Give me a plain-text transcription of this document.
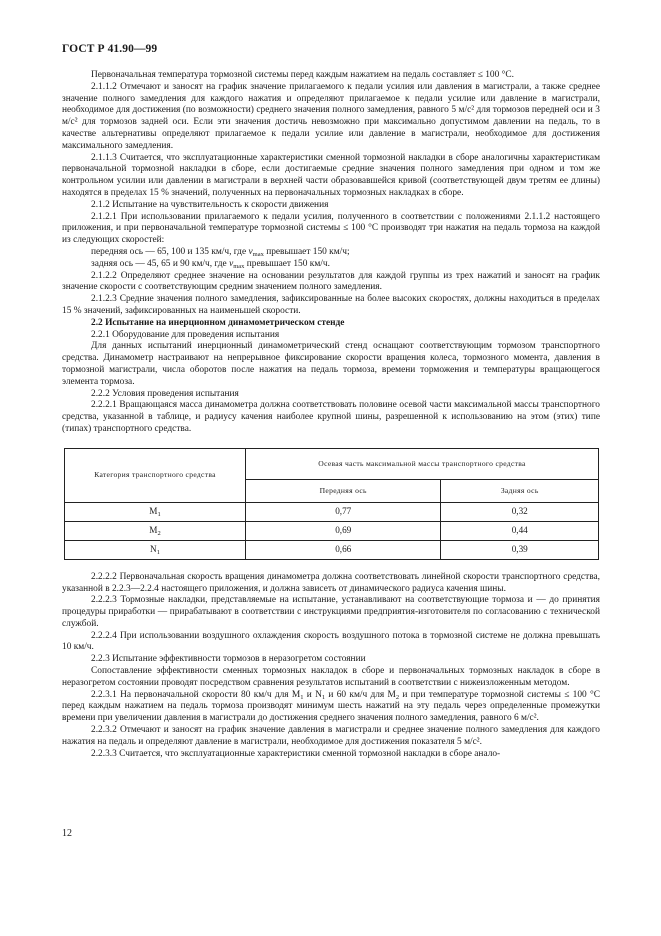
ГОСТ Р 41.90—99

Первоначальная температура тормозной системы перед каждым нажатием на педаль составляет ≤ 100 °С.

2.1.1.2 Отмечают и заносят на график значение прилагаемого к педали усилия или давления в магистрали, а также среднее значение полного замедления для каждого нажатия и определяют прилагаемое к педали усилие или давление в магистрали, необходимое для достижения (по возможности) среднего значения полного замедления, равного 5 м/с² для тормозов передней оси и 3 м/с² для тормозов задней оси. Если эти значения достичь невозможно при максимально допустимом давлении на педаль, то в качестве альтернативы определяют прилагаемое к педали усилие или давление в магистрали, необходимое для достижения максимального замедления.

2.1.1.3 Считается, что эксплуатационные характеристики сменной тормозной накладки в сборе аналогичны характеристикам первоначальной тормозной накладки в сборе, если достигаемые средние значения полного замедления при одном и том же контрольном усилии или давлении в магистрали в верхней части образовавшейся кривой (соответствующей двум третям ее длины) находятся в пределах 15 % значений, полученных на первоначальных тормозных накладках в сборе.

2.1.2 Испытание на чувствительность к скорости движения

2.1.2.1 При использовании прилагаемого к педали усилия, полученного в соответствии с положениями 2.1.1.2 настоящего приложения, и при первоначальной температуре тормозной системы ≤ 100 °С производят три нажатия на педаль тормоза на каждой из следующих скоростей:

передняя ось — 65, 100 и 135 км/ч, где $v_{max}$ превышает 150 км/ч;

задняя ось — 45, 65 и 90 км/ч, где $v_{max}$ превышает 150 км/ч.

2.1.2.2 Определяют среднее значение на основании результатов для каждой группы из трех нажатий и заносят на график значение скорости с соответствующим средним значением полного замедления.

2.1.2.3 Средние значения полного замедления, зафиксированные на более высоких скоростях, должны находиться в пределах 15 % значений, зафиксированных на наименьшей скорости.

2.2 Испытание на инерционном динамометрическом стенде

2.2.1 Оборудование для проведения испытания

Для данных испытаний инерционный динамометрический стенд оснащают соответствующим тормозом транспортного средства. Динамометр настраивают на непрерывное фиксирование скорости вращения колеса, тормозного момента, давления в тормозной магистрали, числа оборотов после нажатия на педаль тормоза, времени торможения и температуры вращающегося элемента тормоза.

2.2.2 Условия проведения испытания

2.2.2.1 Вращающаяся масса динамометра должна соответствовать половине осевой части максимальной массы транспортного средства, указанной в таблице, и радиусу качения наиболее крупной шины, разрешенной к использованию на этом (этих) типе (типах) транспортного средства.

Категория транспортного средства	Осевая часть максимальной массы транспортного средства	
	Передняя ось	Задняя ось
$M_1$	0,77	0,32
$M_2$	0,69	0,44
$N_1$	0,66	0,39

2.2.2.2 Первоначальная скорость вращения динамометра должна соответствовать линейной скорости транспортного средства, указанной в 2.2.3—2.2.4 настоящего приложения, и должна зависеть от динамического радиуса качения шины.

2.2.2.3 Тормозные накладки, представляемые на испытание, устанавливают на соответствующие тормоза и — до принятия процедуры приработки — прирабатывают в соответствии с инструкциями предприятия-изготовителя по согласованию с технической службой.

2.2.2.4 При использовании воздушного охлаждения скорость воздушного потока в тормозной системе не должна превышать 10 км/ч.

2.2.3 Испытание эффективности тормозов в неразогретом состоянии

Сопоставление эффективности сменных тормозных накладок в сборе и первоначальных тормозных накладок в сборе в неразогретом состоянии проводят посредством сравнения результатов испытаний в соответствии с нижеизложенным методом.

2.2.3.1 На первоначальной скорости 80 км/ч для $M_1$ и $N_1$ и 60 км/ч для $M_2$ и при температуре тормозной системы ≤ 100 °С перед каждым нажатием на педаль тормоза производят минимум шесть нажатий на эту педаль через определенные промежутки времени при увеличении давления в магистрали до достижения среднего значения полного замедления, равного 6 м/с².

2.2.3.2 Отмечают и заносят на график значение давления в магистрали и среднее значение полного замедления для каждого нажатия на педаль и определяют давление в магистрали, необходимое для достижения показателя 5 м/с².

2.2.3.3 Считается, что эксплуатационные характеристики сменной тормозной накладки в сборе анало-

12
